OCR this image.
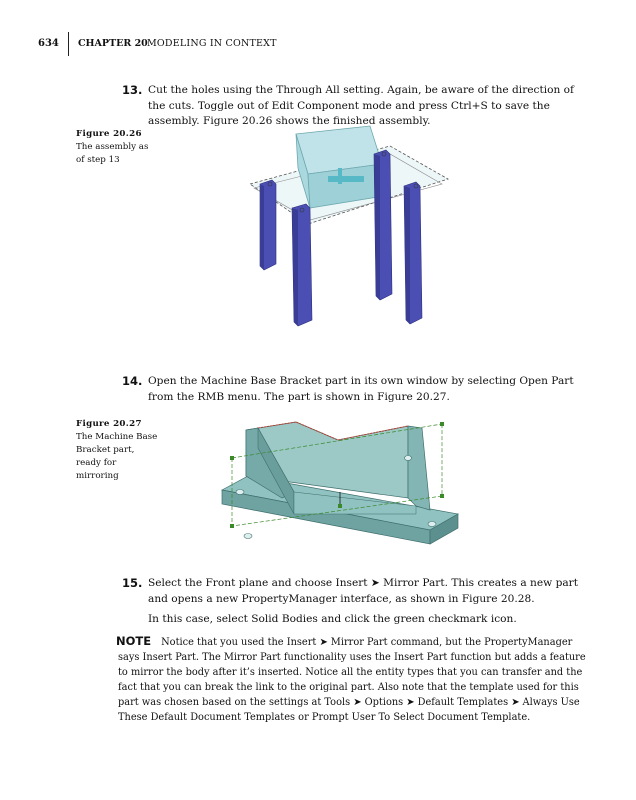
634 CHAPTER 20 MODELING IN CONTEXT
13. Cut the holes using the Through All setting. Again, be aware of the direction of the cuts. Toggle out of Edit Component mode and press Ctrl+S to save the assembly. Figure 20.26 shows the finished assembly.
Figure 20.26
The assembly as of step 13
14. Open the Machine Base Bracket part in its own window by selecting Open Part from the RMB menu. The part is shown in Figure 20.27.
Figure 20.27
The Machine Base Bracket part, ready for mirroring
15. Select the Front plane and choose Insert ➤ Mirror Part. This creates a new part and opens a new PropertyManager interface, as shown in Figure 20.28.
In this case, select Solid Bodies and click the green checkmark icon.
NOTE Notice that you used the Insert ➤ Mirror Part command, but the PropertyManager says Insert Part. The Mirror Part functionality uses the Insert Part function but adds a feature to mirror the body after it’s inserted. Notice all the entity types that you can transfer and the fact that you can break the link to the original part. Also note that the template used for this part was chosen based on the settings at Tools ➤ Options ➤ Default Templates ➤ Always Use These Default Document Templates or Prompt User To Select Document Template.
